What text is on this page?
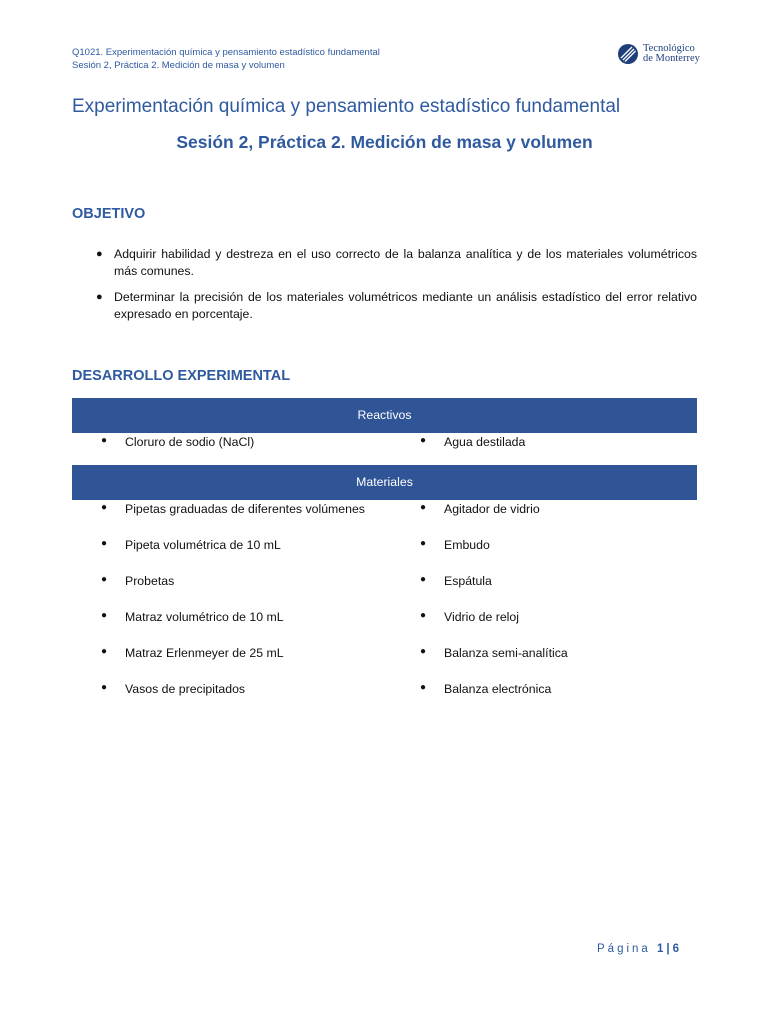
Q1021. Experimentación química y pensamiento estadístico fundamental
Sesión 2, Práctica 2. Medición de masa y volumen
Tecnológico
de Monterrey
Experimentación química y pensamiento estadístico fundamental
Sesión 2, Práctica 2. Medición de masa y volumen
OBJETIVO
● Adquirir habilidad y destreza en el uso correcto de la balanza analítica y de los materiales volumétricos más comunes.
● Determinar la precisión de los materiales volumétricos mediante un análisis estadístico del error relativo expresado en porcentaje.
DESARROLLO EXPERIMENTAL
Reactivos
● Cloruro de sodio (NaCl)	● Agua destilada
Materiales
● Pipetas graduadas de diferentes volúmenes	● Agitador de vidrio
● Pipeta volumétrica de 10 mL	● Embudo
● Probetas	● Espátula
● Matraz volumétrico de 10 mL	● Vidrio de reloj
● Matraz Erlenmeyer de 25 mL	● Balanza semi-analítica
● Vasos de precipitados	● Balanza electrónica
Página 1 | 6
